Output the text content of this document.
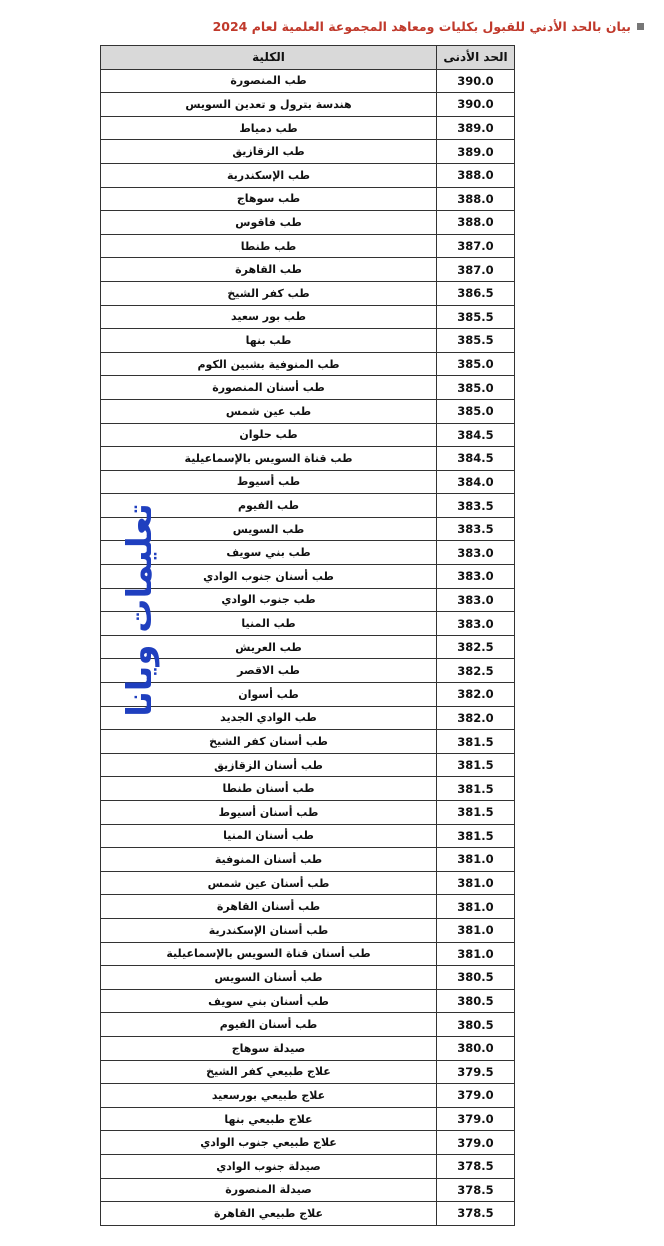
بيان بالحد الأدني للقبول بكليات ومعاهد المجموعة العلمية لعام 2024
الحد الأدنى	الكلية
390.0	طب المنصورة
390.0	هندسة بترول و تعدين السويس
389.0	طب دمياط
389.0	طب الزقازيق
388.0	طب الإسكندرية
388.0	طب سوهاج
388.0	طب فاقوس
387.0	طب طنطا
387.0	طب القاهرة
386.5	طب كفر الشيخ
385.5	طب بور سعيد
385.5	طب بنها
385.0	طب المنوفية بشبين الكوم
385.0	طب أسنان المنصورة
385.0	طب عين شمس
384.5	طب حلوان
384.5	طب قناة السويس بالإسماعيلية
384.0	طب أسيوط
383.5	طب الفيوم
383.5	طب السويس
383.0	طب بني سويف
383.0	طب أسنان جنوب الوادي
383.0	طب جنوب الوادي
383.0	طب المنيا
382.5	طب العريش
382.5	طب الاقصر
382.0	طب أسوان
382.0	طب الوادي الجديد
381.5	طب أسنان كفر الشيخ
381.5	طب أسنان الزقازيق
381.5	طب أسنان طنطا
381.5	طب أسنان أسيوط
381.5	طب أسنان المنيا
381.0	طب أسنان المنوفية
381.0	طب أسنان عين شمس
381.0	طب أسنان القاهرة
381.0	طب أسنان الإسكندرية
381.0	طب أسنان قناة السويس بالإسماعيلية
380.5	طب أسنان السويس
380.5	طب أسنان بني سويف
380.5	طب أسنان الفيوم
380.0	صيدلة سوهاج
379.5	علاج طبيعي كفر الشيخ
379.0	علاج طبيعي بورسعيد
379.0	علاج طبيعي بنها
379.0	علاج طبيعي جنوب الوادي
378.5	صيدلة جنوب الوادي
378.5	صيدلة المنصورة
378.5	علاج طبيعي القاهرة
تعليمات ويانا
